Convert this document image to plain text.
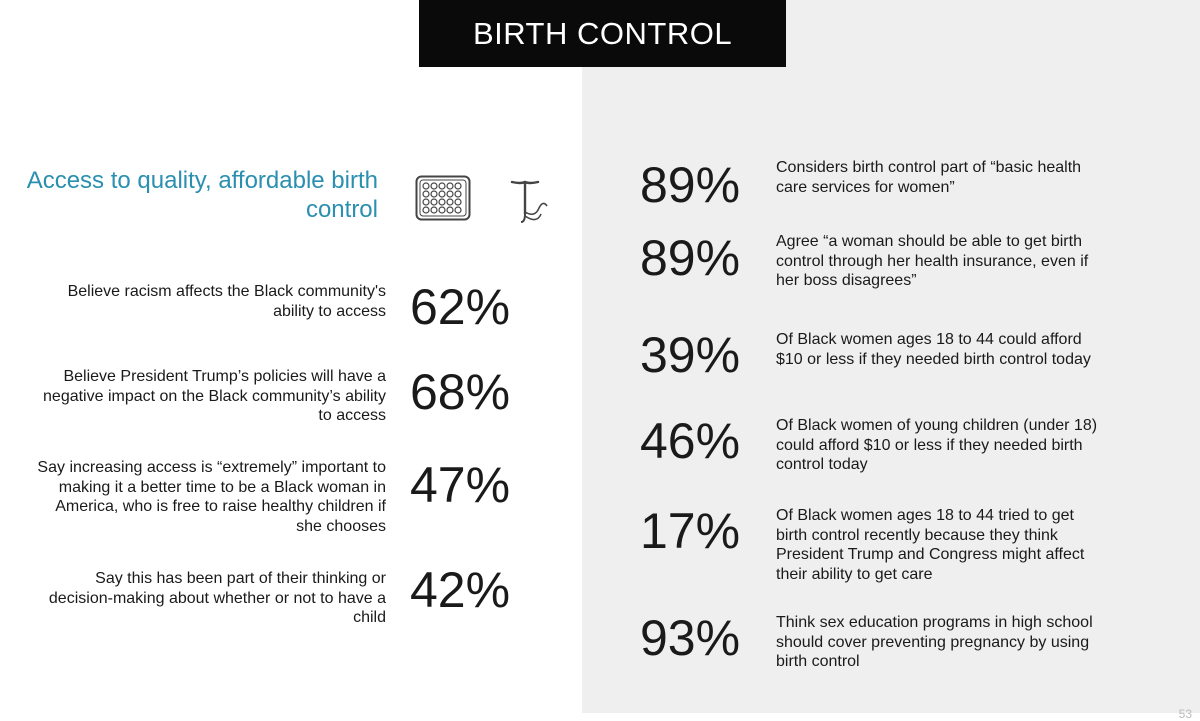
BIRTH CONTROL
Access to quality, affordable birth control
Believe racism affects the Black community's ability to access 62%
Believe President Trump’s policies will have a negative impact on the Black community’s ability to access 68%
Say increasing access is “extremely” important to making it a better time to be a Black woman in America, who is free to raise healthy children if she chooses
47%
Say this has been part of their thinking or decision-making about whether or not to have a child 42%
89% Considers birth control part of “basic health care services for women”
89% Agree “a woman should be able to get birth control through her health insurance, even if her boss disagrees”
39% Of Black women ages 18 to 44 could afford $10 or less if they needed birth control today
46% Of Black women of young children (under 18) could afford $10 or less if they needed birth control today
17% Of Black women ages 18 to 44 tried to get birth control recently because they think President Trump and Congress might affect their ability to get care
93% Think sex education programs in high school should cover preventing pregnancy by using birth control
53
